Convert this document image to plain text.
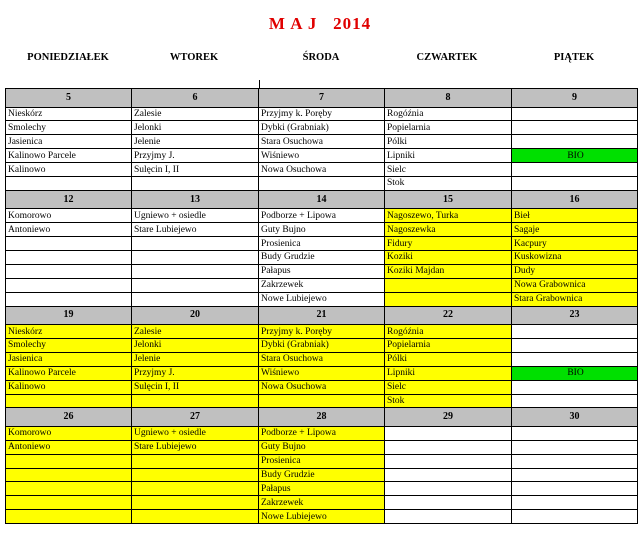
M A J   2014
PONIEDZIAŁEK	WTOREK	ŚRODA	CZWARTEK	PIĄTEK
5	6	7	8	9
Nieskórz	Zalesie	Przyjmy k. Poręby	Rogóźnia	
Smolechy	Jelonki	Dybki (Grabniak)	Popielarnia	
Jasienica	Jelenie	Stara Osuchowa	Pólki	
Kalinowo Parcele	Przyjmy J.	Wiśniewo	Lipniki	BIO
Kalinowo	Sulęcin I, II	Nowa Osuchowa	Sielc	
			Stok	
12	13	14	15	16
Komorowo	Ugniewo + osiedle	Podborze + Lipowa	Nagoszewo, Turka	Bieł
Antoniewo	Stare Lubiejewo	Guty Bujno	Nagoszewka	Sagaje
		Prosienica	Fidury	Kacpury
		Budy Grudzie	Koziki	Kuskowizna
		Pałapus	Koziki Majdan	Dudy
		Zakrzewek		Nowa Grabownica
		Nowe Lubiejewo		Stara Grabownica
19	20	21	22	23
Nieskórz	Zalesie	Przyjmy k. Poręby	Rogóźnia	
Smolechy	Jelonki	Dybki (Grabniak)	Popielarnia	
Jasienica	Jelenie	Stara Osuchowa	Pólki	
Kalinowo Parcele	Przyjmy J.	Wiśniewo	Lipniki	BIO
Kalinowo	Sulęcin I, II	Nowa Osuchowa	Sielc	
			Stok	
26	27	28	29	30
Komorowo	Ugniewo + osiedle	Podborze + Lipowa		
Antoniewo	Stare Lubiejewo	Guty Bujno		
		Prosienica		
		Budy Grudzie		
		Pałapus		
		Zakrzewek		
		Nowe Lubiejewo		
